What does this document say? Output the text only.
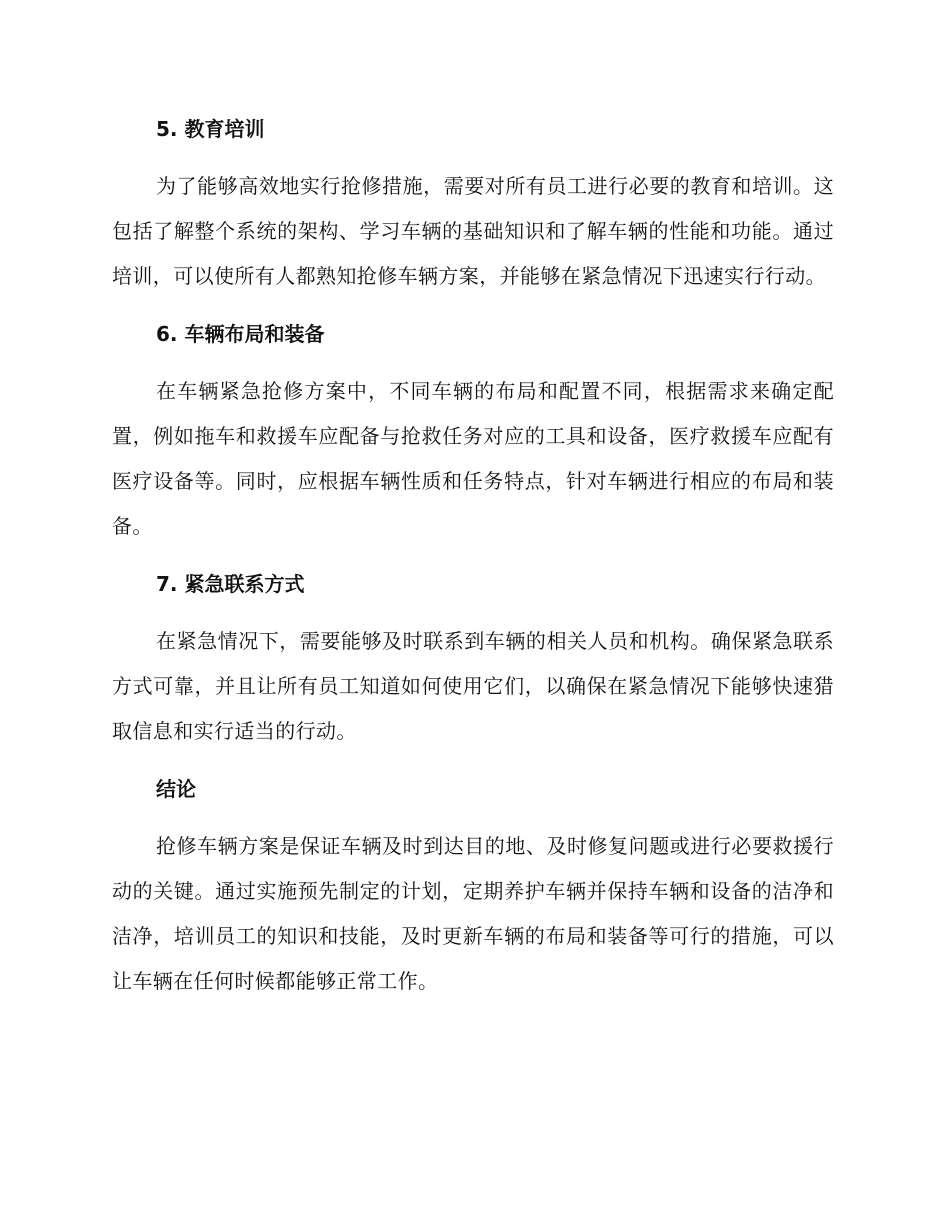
5. 教育培训

为了能够高效地实行抢修措施，需要对所有员工进行必要的教育和培训。这包括了解整个系统的架构、学习车辆的基础知识和了解车辆的性能和功能。通过培训，可以使所有人都熟知抢修车辆方案，并能够在紧急情况下迅速实行行动。

6. 车辆布局和装备

在车辆紧急抢修方案中，不同车辆的布局和配置不同，根据需求来确定配置，例如拖车和救援车应配备与抢救任务对应的工具和设备，医疗救援车应配有医疗设备等。同时，应根据车辆性质和任务特点，针对车辆进行相应的布局和装备。

7. 紧急联系方式

在紧急情况下，需要能够及时联系到车辆的相关人员和机构。确保紧急联系方式可靠，并且让所有员工知道如何使用它们，以确保在紧急情况下能够快速猎取信息和实行适当的行动。

结论

抢修车辆方案是保证车辆及时到达目的地、及时修复问题或进行必要救援行动的关键。通过实施预先制定的计划，定期养护车辆并保持车辆和设备的洁净和洁净，培训员工的知识和技能，及时更新车辆的布局和装备等可行的措施，可以让车辆在任何时候都能够正常工作。
